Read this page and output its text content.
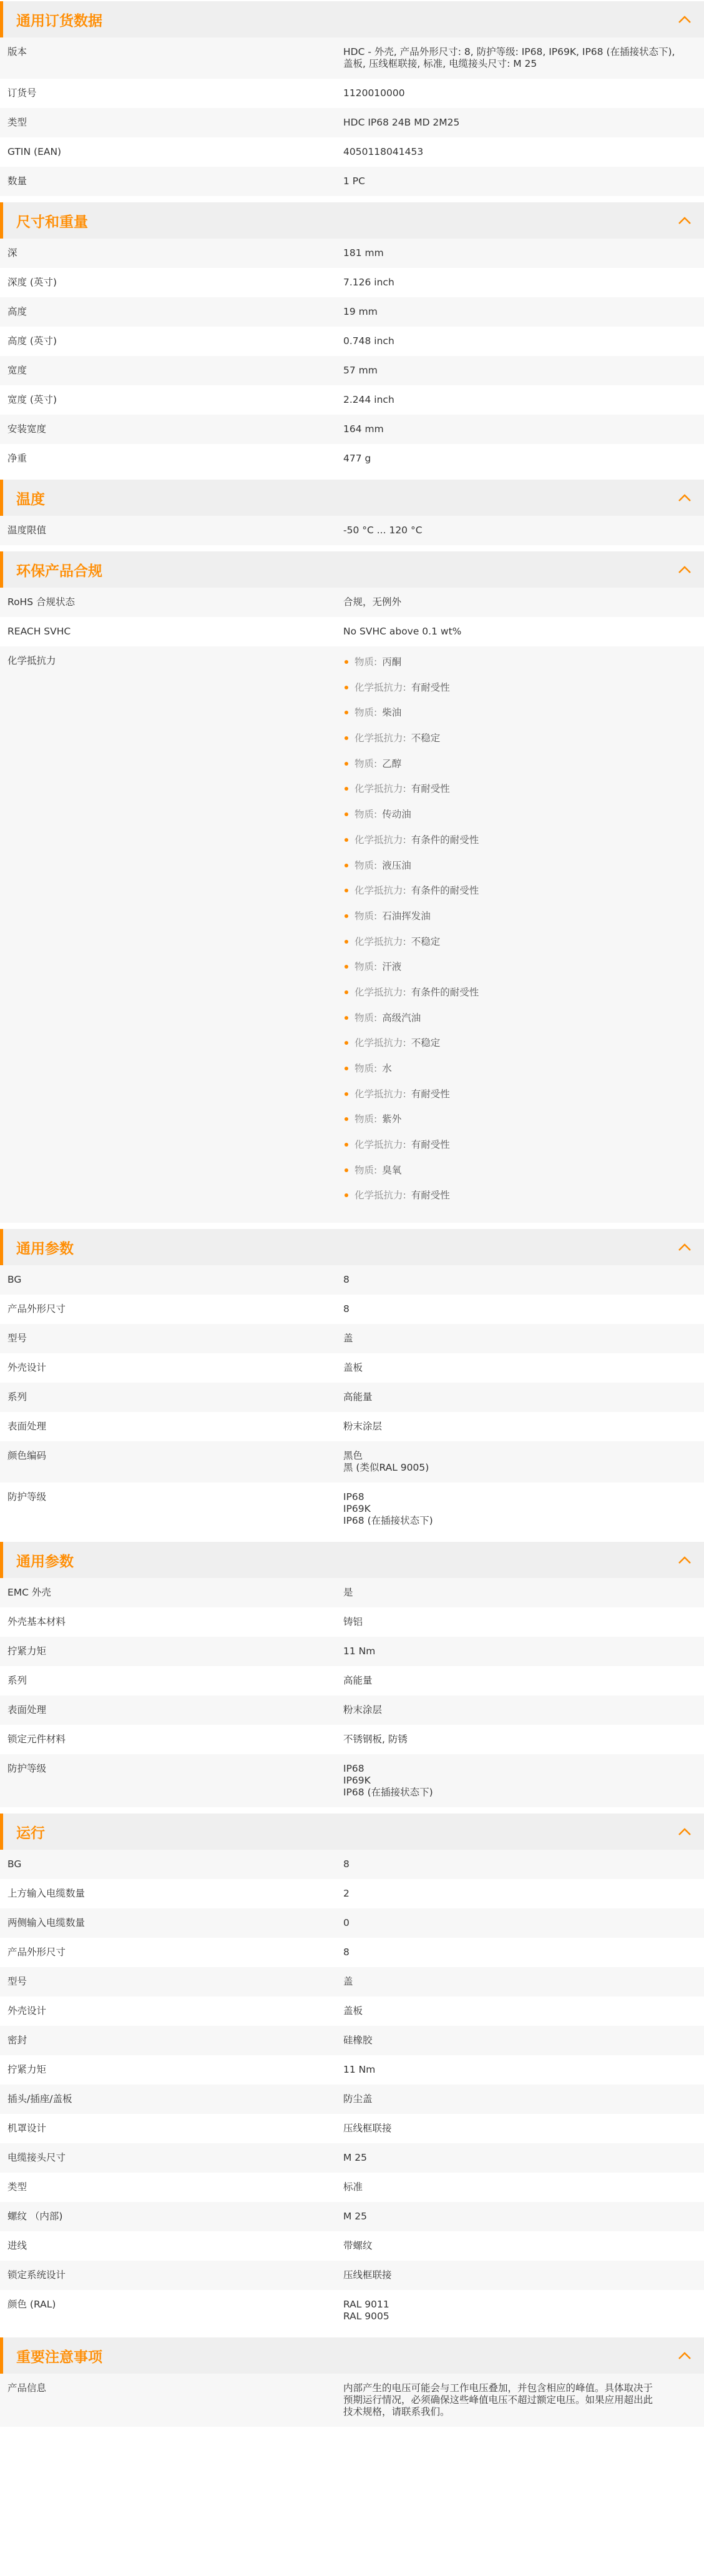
通用订货数据
版本	HDC - 外壳, 产品外形尺寸: 8, 防护等级: IP68, IP69K, IP68 (在插接状态下),
盖板, 压线框联接, 标准, 电缆接头尺寸: M 25
订货号	1120010000
类型	HDC IP68 24B MD 2M25
GTIN (EAN)	4050118041453
数量	1 PC
尺寸和重量
深	181 mm
深度 (英寸)	7.126 inch
高度	19 mm
高度 (英寸)	0.748 inch
宽度	57 mm
宽度 (英寸)	2.244 inch
安装宽度	164 mm
净重	477 g
温度
温度限值	-50 °C ... 120 °C
环保产品合规
RoHS 合规状态	合规，无例外
REACH SVHC	No SVHC above 0.1 wt%
化学抵抗力	物质: 丙酮
化学抵抗力: 有耐受性
物质: 柴油
化学抵抗力: 不稳定
物质: 乙醇
化学抵抗力: 有耐受性
物质: 传动油
化学抵抗力: 有条件的耐受性
物质: 液压油
化学抵抗力: 有条件的耐受性
物质: 石油挥发油
化学抵抗力: 不稳定
物质: 汗液
化学抵抗力: 有条件的耐受性
物质: 高级汽油
化学抵抗力: 不稳定
物质: 水
化学抵抗力: 有耐受性
物质: 紫外
化学抵抗力: 有耐受性
物质: 臭氧
化学抵抗力: 有耐受性
通用参数
BG	8
产品外形尺寸	8
型号	盖
外壳设计	盖板
系列	高能量
表面处理	粉末涂层
颜色编码	黑色
黑 (类似RAL 9005)
防护等级	IP68
IP69K
IP68 (在插接状态下)
通用参数
EMC 外壳	是
外壳基本材料	铸铝
拧紧力矩	11 Nm
系列	高能量
表面处理	粉末涂层
锁定元件材料	不锈钢板, 防锈
防护等级	IP68
IP69K
IP68 (在插接状态下)
运行
BG	8
上方输入电缆数量	2
两侧输入电缆数量	0
产品外形尺寸	8
型号	盖
外壳设计	盖板
密封	硅橡胶
拧紧力矩	11 Nm
插头/插座/盖板	防尘盖
机罩设计	压线框联接
电缆接头尺寸	M 25
类型	标准
螺纹 （内部)	M 25
进线	带螺纹
锁定系统设计	压线框联接
颜色 (RAL)	RAL 9011
RAL 9005
重要注意事项
产品信息	内部产生的电压可能会与工作电压叠加，并包含相应的峰值。具体取决于
预期运行情况，必须确保这些峰值电压不超过额定电压。如果应用超出此
技术规格，请联系我们。
